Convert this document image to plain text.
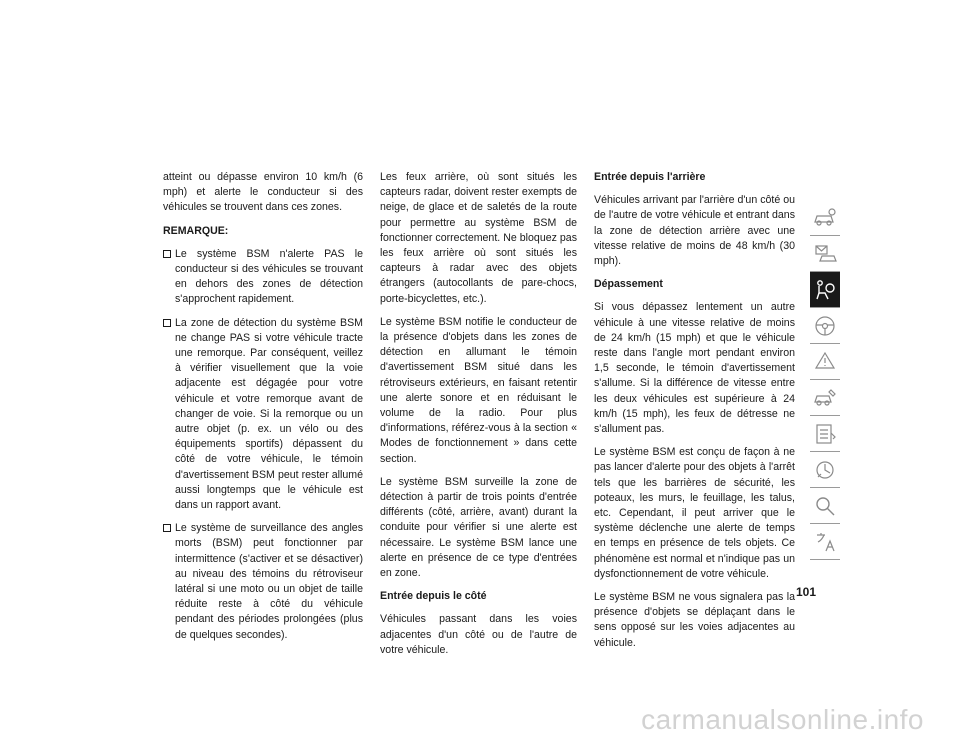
atteint ou dépasse environ 10 km/h (6 mph) et alerte le conducteur si des véhicules se trouvent dans ces zones.

REMARQUE:

Le système BSM n'alerte PAS le conducteur si des véhicules se trouvant en dehors des zones de détection s'approchent rapidement.
La zone de détection du système BSM ne change PAS si votre véhicule tracte une remorque. Par conséquent, veillez à vérifier visuellement que la voie adjacente est dégagée pour votre véhicule et votre remorque avant de changer de voie. Si la remorque ou un autre objet (p. ex. un vélo ou des équipements sportifs) dépassent du côté de votre véhicule, le témoin d'avertissement BSM peut rester allumé aussi longtemps que le véhicule est dans un rapport avant.
Le système de surveillance des angles morts (BSM) peut fonctionner par intermittence (s'activer et se désactiver) au niveau des témoins du rétroviseur latéral si une moto ou un objet de taille réduite reste à côté du véhicule pendant des périodes prolongées (plus de quelques secondes).

Les feux arrière, où sont situés les capteurs radar, doivent rester exempts de neige, de glace et de saletés de la route pour permettre au système BSM de fonctionner correctement. Ne bloquez pas les feux arrière où sont situés les capteurs à radar avec des objets étrangers (autocollants de pare-chocs, porte-bicyclettes, etc.).

Le système BSM notifie le conducteur de la présence d'objets dans les zones de détection en allumant le témoin d'avertissement BSM situé dans les rétroviseurs extérieurs, en faisant retentir une alerte sonore et en réduisant le volume de la radio. Pour plus d'informations, référez-vous à la section « Modes de fonctionnement » dans cette section.

Le système BSM surveille la zone de détection à partir de trois points d'entrée différents (côté, arrière, avant) durant la conduite pour vérifier si une alerte est nécessaire. Le système BSM lance une alerte en présence de ce type d'entrées en zone.

Entrée depuis le côté

Véhicules passant dans les voies adjacentes d'un côté ou de l'autre de votre véhicule.

Entrée depuis l'arrière

Véhicules arrivant par l'arrière d'un côté ou de l'autre de votre véhicule et entrant dans la zone de détection arrière avec une vitesse relative de moins de 48 km/h (30 mph).

Dépassement

Si vous dépassez lentement un autre véhicule à une vitesse relative de moins de 24 km/h (15 mph) et que le véhicule reste dans l'angle mort pendant environ 1,5 seconde, le témoin d'avertissement s'allume. Si la différence de vitesse entre les deux véhicules est supérieure à 24 km/h (15 mph), les feux de détresse ne s'allument pas.

Le système BSM est conçu de façon à ne pas lancer d'alerte pour des objets à l'arrêt tels que les barrières de sécurité, les poteaux, les murs, le feuillage, les talus, etc. Cependant, il peut arriver que le système déclenche une alerte de temps en temps en présence de tels objets. Ce phénomène est normal et n'indique pas un dysfonctionnement de votre véhicule.

Le système BSM ne vous signalera pas la présence d'objets se déplaçant dans le sens opposé sur les voies adjacentes au véhicule.

101
carmanualsonline.info
